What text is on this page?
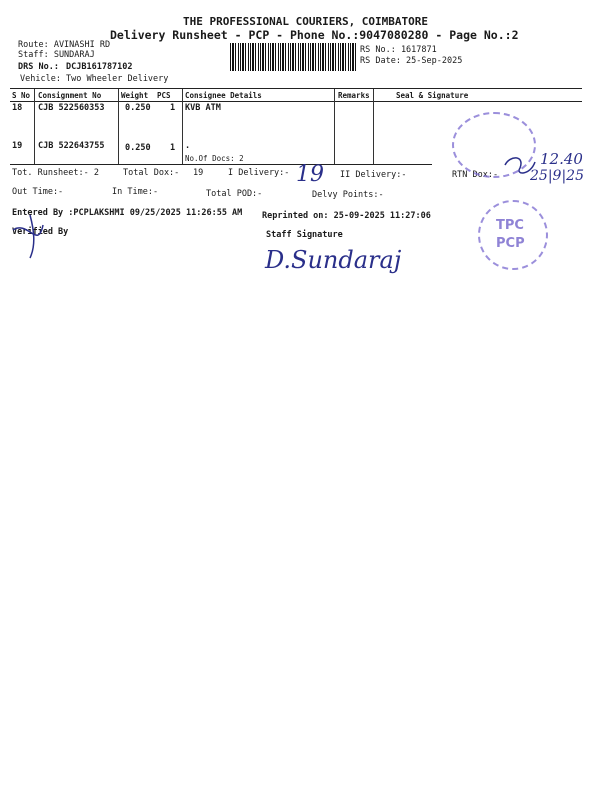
THE PROFESSIONAL COURIERS, COIMBATORE
Delivery Runsheet - PCP - Phone No.:9047080280 - Page No.:2
Route: AVINASHI RD
Staff: SUNDARAJ
DRS No.: DCJB161787102
Vehicle: Two Wheeler Delivery
RS No.: 1617871
RS Date: 25-Sep-2025
S No Consignment No	Weight PCS Consignee Details	Remarks	Seal & Signature
18 CJB 522560353 0.250 1 KVB ATM
19 CJB 522643755 0.250 1 .
No.Of Docs: 2
Tot. Runsheet:- 2	Total Dox:- 19	I Delivery:-	II Delivery:-	RTN Dox:-
Out Time:-	In Time:-	Total POD:-	Delvy Points:-
Entered By :PCPLAKSHMI 09/25/2025 11:26:55 AM Reprinted on: 25-09-2025 11:27:06
Verified By	Staff Signature
19
12.40
25|9|25
D.Sundaraj
TPC
PCP
